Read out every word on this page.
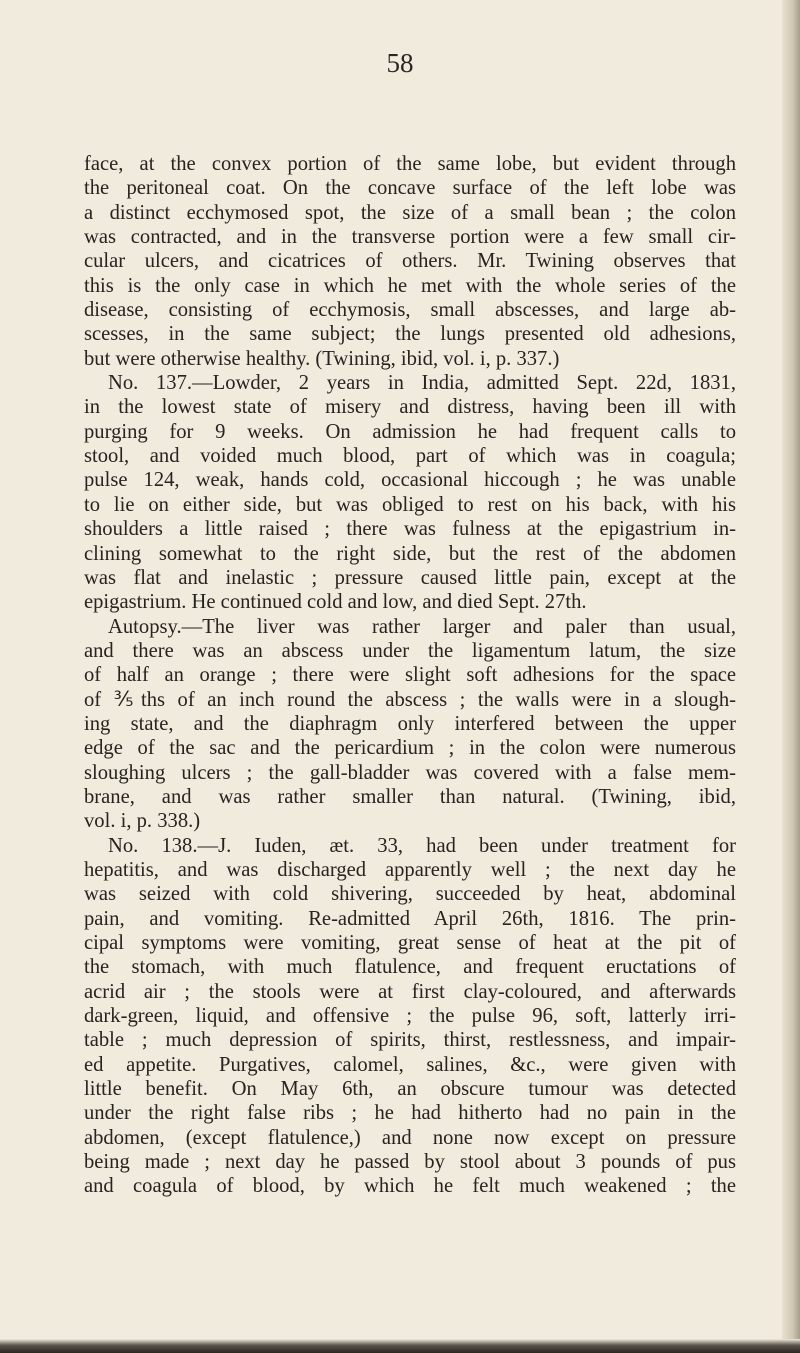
58
face, at the convex portion of the same lobe, but evident through
the peritoneal coat. On the concave surface of the left lobe was
a distinct ecchymosed spot, the size of a small bean ; the colon
was contracted, and in the transverse portion were a few small cir-
cular ulcers, and cicatrices of others. Mr. Twining observes that
this is the only case in which he met with the whole series of the
disease, consisting of ecchymosis, small abscesses, and large ab-
scesses, in the same subject; the lungs presented old adhesions,
but were otherwise healthy. (Twining, ibid, vol. i, p. 337.)
No. 137.—Lowder, 2 years in India, admitted Sept. 22d, 1831,
in the lowest state of misery and distress, having been ill with
purging for 9 weeks. On admission he had frequent calls to
stool, and voided much blood, part of which was in coagula;
pulse 124, weak, hands cold, occasional hiccough ; he was unable
to lie on either side, but was obliged to rest on his back, with his
shoulders a little raised ; there was fulness at the epigastrium in-
clining somewhat to the right side, but the rest of the abdomen
was flat and inelastic ; pressure caused little pain, except at the
epigastrium. He continued cold and low, and died Sept. 27th.
Autopsy.—The liver was rather larger and paler than usual,
and there was an abscess under the ligamentum latum, the size
of half an orange ; there were slight soft adhesions for the space
of ⅗ths of an inch round the abscess ; the walls were in a slough-
ing state, and the diaphragm only interfered between the upper
edge of the sac and the pericardium ; in the colon were numerous
sloughing ulcers ; the gall-bladder was covered with a false mem-
brane, and was rather smaller than natural. (Twining, ibid,
vol. i, p. 338.)
No. 138.—J. Iuden, æt. 33, had been under treatment for
hepatitis, and was discharged apparently well ; the next day he
was seized with cold shivering, succeeded by heat, abdominal
pain, and vomiting. Re-admitted April 26th, 1816. The prin-
cipal symptoms were vomiting, great sense of heat at the pit of
the stomach, with much flatulence, and frequent eructations of
acrid air ; the stools were at first clay-coloured, and afterwards
dark-green, liquid, and offensive ; the pulse 96, soft, latterly irri-
table ; much depression of spirits, thirst, restlessness, and impair-
ed appetite. Purgatives, calomel, salines, &c., were given with
little benefit. On May 6th, an obscure tumour was detected
under the right false ribs ; he had hitherto had no pain in the
abdomen, (except flatulence,) and none now except on pressure
being made ; next day he passed by stool about 3 pounds of pus
and coagula of blood, by which he felt much weakened ; the
